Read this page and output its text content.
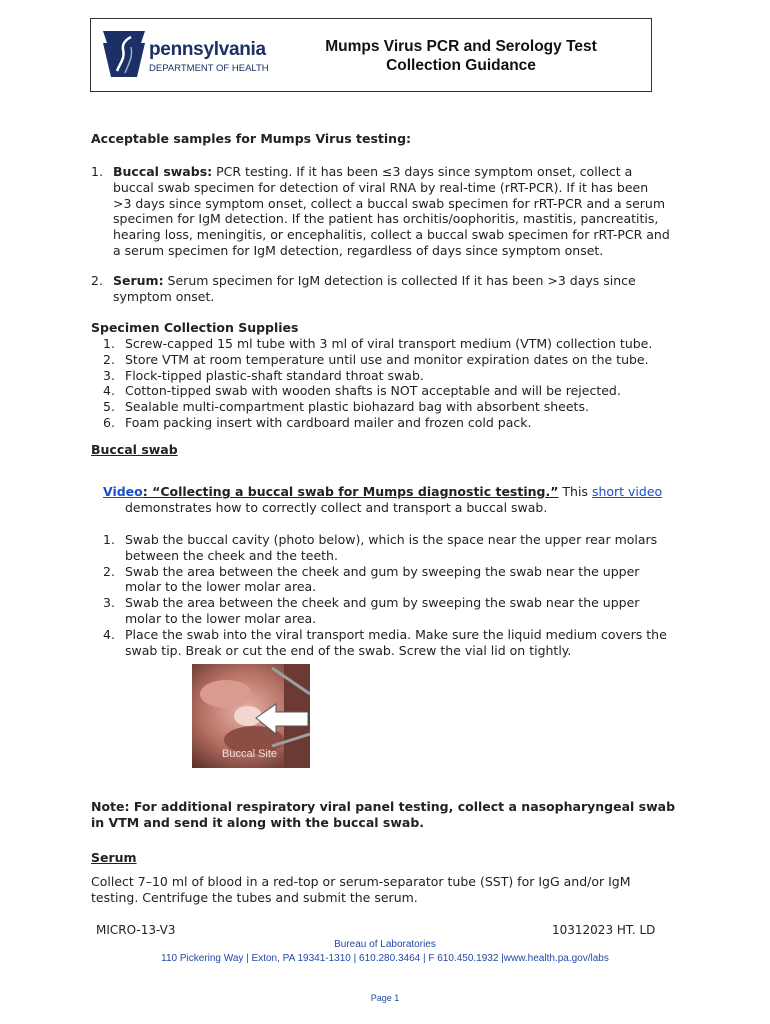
pennsylvania
DEPARTMENT OF HEALTH
Mumps Virus PCR and Serology Test
Collection Guidance
Acceptable samples for Mumps Virus testing:
1. Buccal swabs: PCR testing. If it has been ≤3 days since symptom onset, collect a
buccal swab specimen for detection of viral RNA by real-time (rRT-PCR). If it has been
>3 days since symptom onset, collect a buccal swab specimen for rRT-PCR and a serum
specimen for IgM detection. If the patient has orchitis/oophoritis, mastitis, pancreatitis,
hearing loss, meningitis, or encephalitis, collect a buccal swab specimen for rRT-PCR and
a serum specimen for IgM detection, regardless of days since symptom onset.
2. Serum: Serum specimen for IgM detection is collected If it has been >3 days since
symptom onset.
Specimen Collection Supplies
1. Screw-capped 15 ml tube with 3 ml of viral transport medium (VTM) collection tube.
2. Store VTM at room temperature until use and monitor expiration dates on the tube.
3. Flock-tipped plastic-shaft standard throat swab.
4. Cotton-tipped swab with wooden shafts is NOT acceptable and will be rejected.
5. Sealable multi-compartment plastic biohazard bag with absorbent sheets.
6. Foam packing insert with cardboard mailer and frozen cold pack.
Buccal swab
Video: “Collecting a buccal swab for Mumps diagnostic testing.” This short video
demonstrates how to correctly collect and transport a buccal swab.
1. Swab the buccal cavity (photo below), which is the space near the upper rear molars
between the cheek and the teeth.
2. Swab the area between the cheek and gum by sweeping the swab near the upper
molar to the lower molar area.
3. Swab the area between the cheek and gum by sweeping the swab near the upper
molar to the lower molar area.
4. Place the swab into the viral transport media. Make sure the liquid medium covers the
swab tip. Break or cut the end of the swab. Screw the vial lid on tightly.
Buccal Site
Note: For additional respiratory viral panel testing, collect a nasopharyngeal swab
in VTM and send it along with the buccal swab.
Serum
Collect 7–10 ml of blood in a red-top or serum-separator tube (SST) for IgG and/or IgM
testing. Centrifuge the tubes and submit the serum.
MICRO-13-V3	10312023 HT. LD
Bureau of Laboratories
110 Pickering Way | Exton, PA 19341-1310 | 610.280.3464 | F 610.450.1932 |www.health.pa.gov/labs
Page 1
